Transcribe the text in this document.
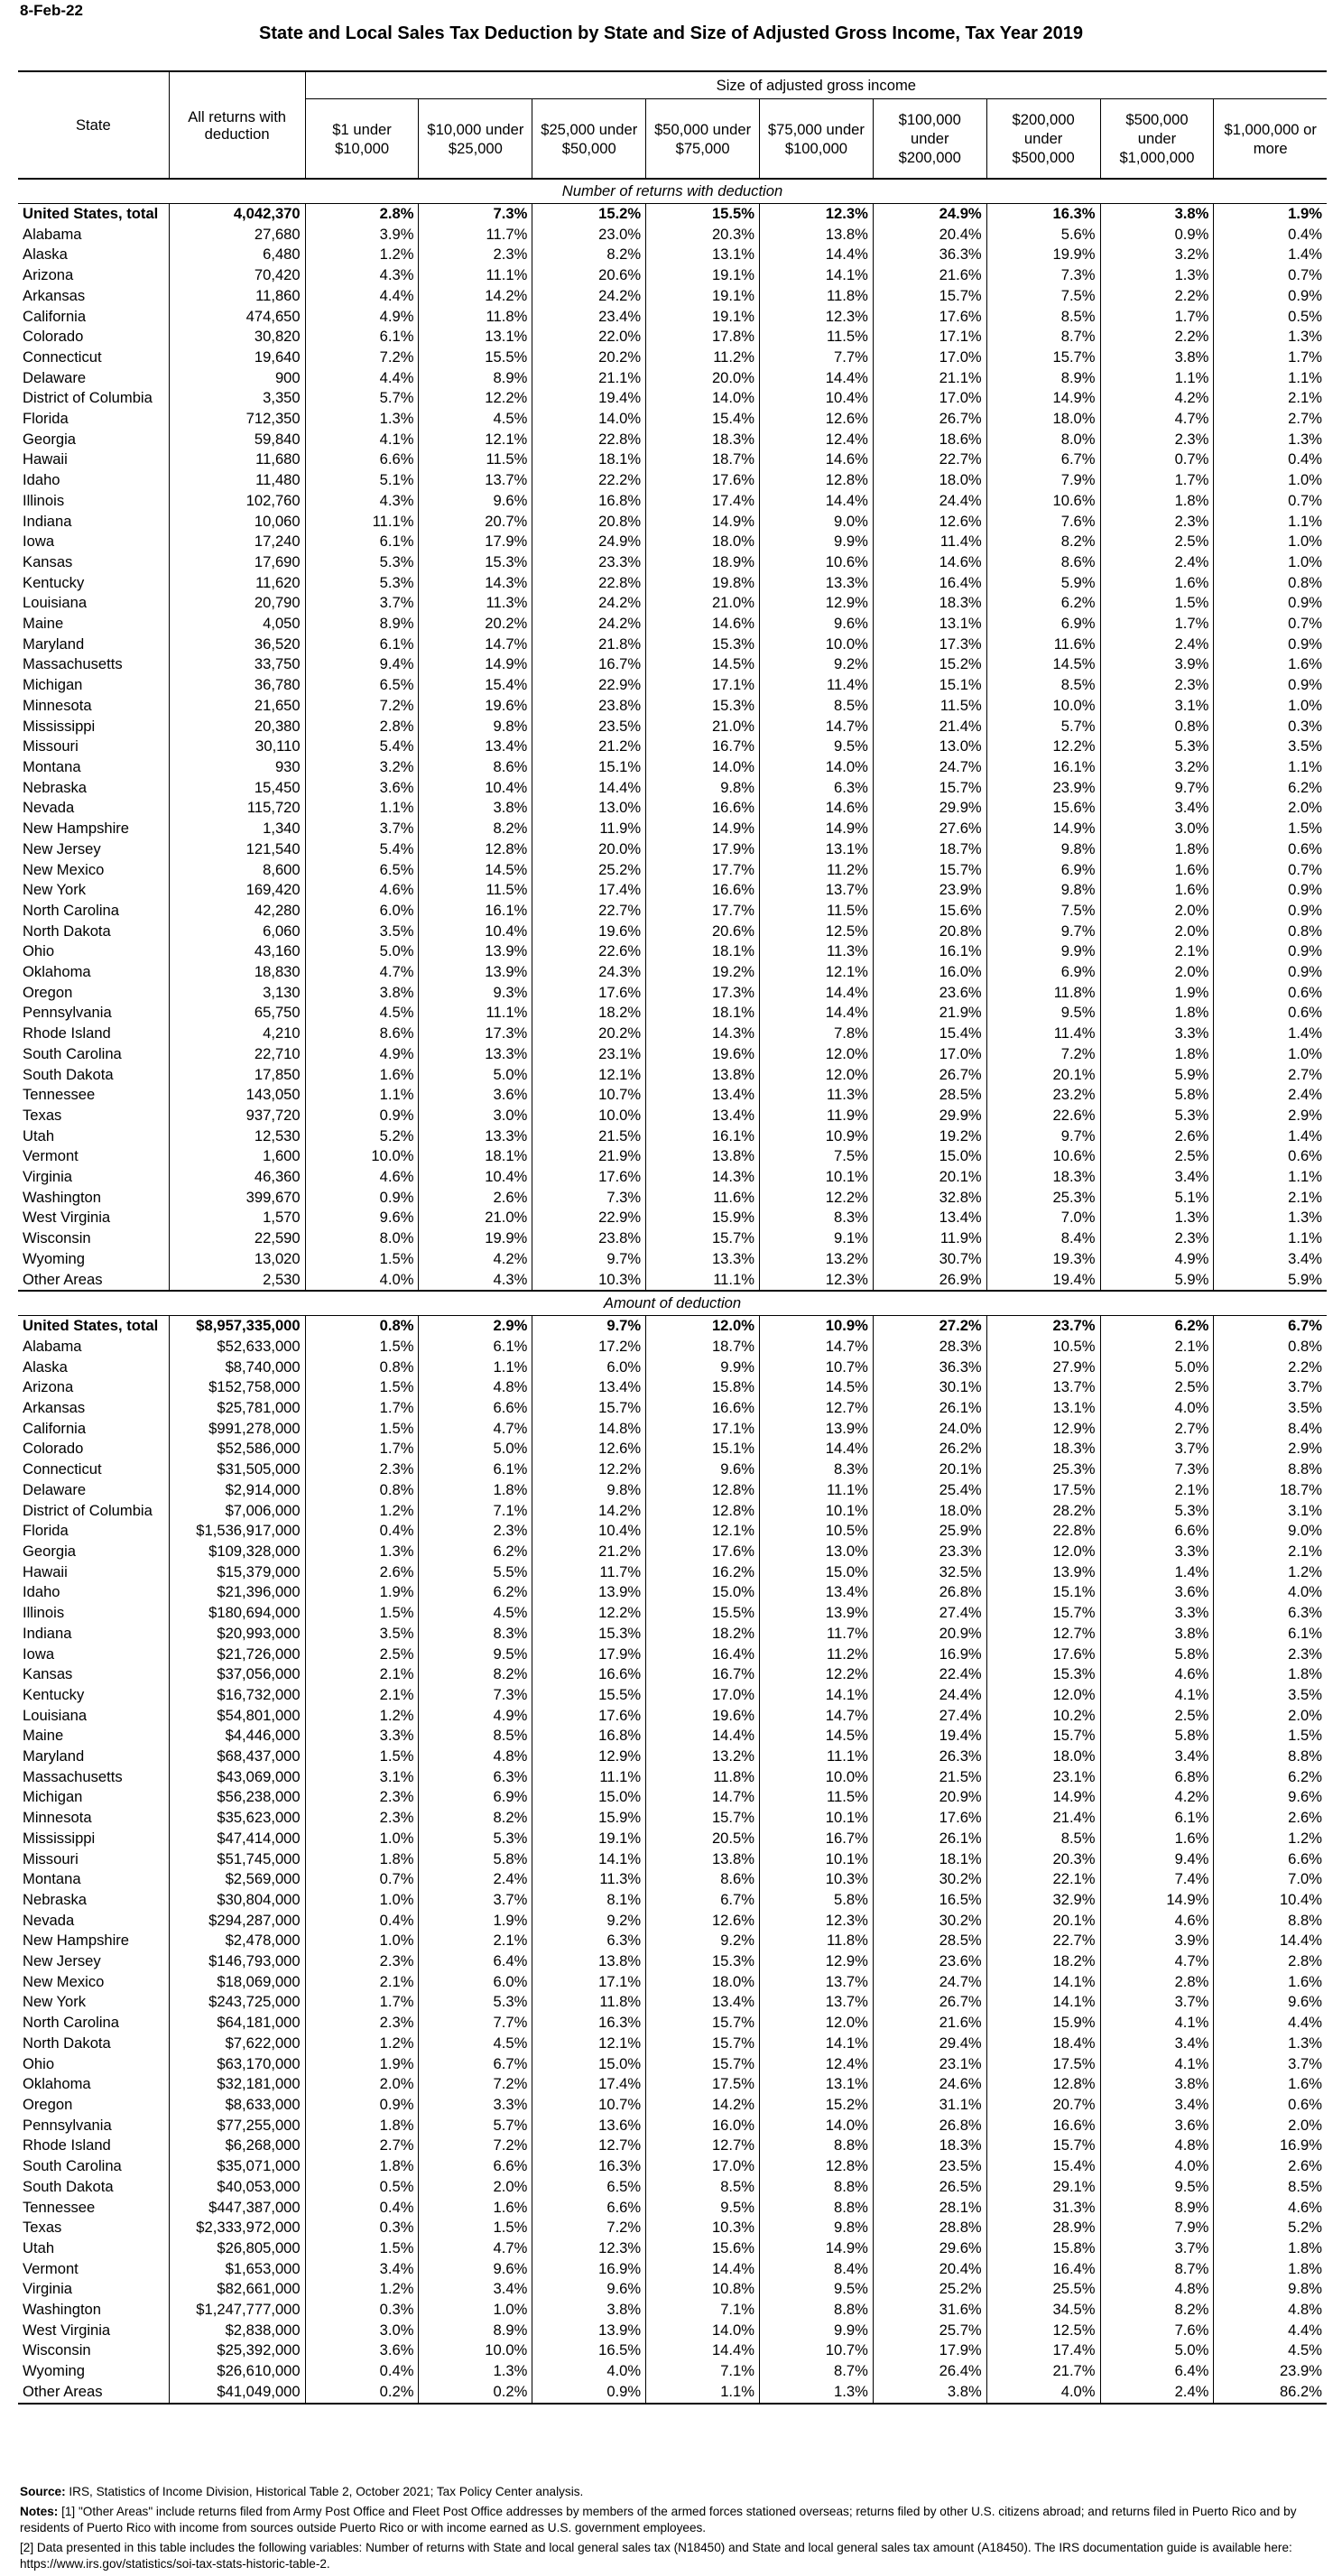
8-Feb-22
State and Local Sales Tax Deduction by State and Size of Adjusted Gross Income, Tax Year 2019
State	All returns with deduction	Size of adjusted gross income								
		$1 under $10,000	$10,000 under $25,000	$25,000 under $50,000	$50,000 under $75,000	$75,000 under $100,000	$100,000 under $200,000	$200,000 under $500,000	$500,000 under $1,000,000	$1,000,000 or more
Number of returns with deduction										
United States, total	4,042,370	2.8%	7.3%	15.2%	15.5%	12.3%	24.9%	16.3%	3.8%	1.9%
Alabama	27,680	3.9%	11.7%	23.0%	20.3%	13.8%	20.4%	5.6%	0.9%	0.4%
Alaska	6,480	1.2%	2.3%	8.2%	13.1%	14.4%	36.3%	19.9%	3.2%	1.4%
Arizona	70,420	4.3%	11.1%	20.6%	19.1%	14.1%	21.6%	7.3%	1.3%	0.7%
Arkansas	11,860	4.4%	14.2%	24.2%	19.1%	11.8%	15.7%	7.5%	2.2%	0.9%
California	474,650	4.9%	11.8%	23.4%	19.1%	12.3%	17.6%	8.5%	1.7%	0.5%
Colorado	30,820	6.1%	13.1%	22.0%	17.8%	11.5%	17.1%	8.7%	2.2%	1.3%
Connecticut	19,640	7.2%	15.5%	20.2%	11.2%	7.7%	17.0%	15.7%	3.8%	1.7%
Delaware	900	4.4%	8.9%	21.1%	20.0%	14.4%	21.1%	8.9%	1.1%	1.1%
District of Columbia	3,350	5.7%	12.2%	19.4%	14.0%	10.4%	17.0%	14.9%	4.2%	2.1%
Florida	712,350	1.3%	4.5%	14.0%	15.4%	12.6%	26.7%	18.0%	4.7%	2.7%
Georgia	59,840	4.1%	12.1%	22.8%	18.3%	12.4%	18.6%	8.0%	2.3%	1.3%
Hawaii	11,680	6.6%	11.5%	18.1%	18.7%	14.6%	22.7%	6.7%	0.7%	0.4%
Idaho	11,480	5.1%	13.7%	22.2%	17.6%	12.8%	18.0%	7.9%	1.7%	1.0%
Illinois	102,760	4.3%	9.6%	16.8%	17.4%	14.4%	24.4%	10.6%	1.8%	0.7%
Indiana	10,060	11.1%	20.7%	20.8%	14.9%	9.0%	12.6%	7.6%	2.3%	1.1%
Iowa	17,240	6.1%	17.9%	24.9%	18.0%	9.9%	11.4%	8.2%	2.5%	1.0%
Kansas	17,690	5.3%	15.3%	23.3%	18.9%	10.6%	14.6%	8.6%	2.4%	1.0%
Kentucky	11,620	5.3%	14.3%	22.8%	19.8%	13.3%	16.4%	5.9%	1.6%	0.8%
Louisiana	20,790	3.7%	11.3%	24.2%	21.0%	12.9%	18.3%	6.2%	1.5%	0.9%
Maine	4,050	8.9%	20.2%	24.2%	14.6%	9.6%	13.1%	6.9%	1.7%	0.7%
Maryland	36,520	6.1%	14.7%	21.8%	15.3%	10.0%	17.3%	11.6%	2.4%	0.9%
Massachusetts	33,750	9.4%	14.9%	16.7%	14.5%	9.2%	15.2%	14.5%	3.9%	1.6%
Michigan	36,780	6.5%	15.4%	22.9%	17.1%	11.4%	15.1%	8.5%	2.3%	0.9%
Minnesota	21,650	7.2%	19.6%	23.8%	15.3%	8.5%	11.5%	10.0%	3.1%	1.0%
Mississippi	20,380	2.8%	9.8%	23.5%	21.0%	14.7%	21.4%	5.7%	0.8%	0.3%
Missouri	30,110	5.4%	13.4%	21.2%	16.7%	9.5%	13.0%	12.2%	5.3%	3.5%
Montana	930	3.2%	8.6%	15.1%	14.0%	14.0%	24.7%	16.1%	3.2%	1.1%
Nebraska	15,450	3.6%	10.4%	14.4%	9.8%	6.3%	15.7%	23.9%	9.7%	6.2%
Nevada	115,720	1.1%	3.8%	13.0%	16.6%	14.6%	29.9%	15.6%	3.4%	2.0%
New Hampshire	1,340	3.7%	8.2%	11.9%	14.9%	14.9%	27.6%	14.9%	3.0%	1.5%
New Jersey	121,540	5.4%	12.8%	20.0%	17.9%	13.1%	18.7%	9.8%	1.8%	0.6%
New Mexico	8,600	6.5%	14.5%	25.2%	17.7%	11.2%	15.7%	6.9%	1.6%	0.7%
New York	169,420	4.6%	11.5%	17.4%	16.6%	13.7%	23.9%	9.8%	1.6%	0.9%
North Carolina	42,280	6.0%	16.1%	22.7%	17.7%	11.5%	15.6%	7.5%	2.0%	0.9%
North Dakota	6,060	3.5%	10.4%	19.6%	20.6%	12.5%	20.8%	9.7%	2.0%	0.8%
Ohio	43,160	5.0%	13.9%	22.6%	18.1%	11.3%	16.1%	9.9%	2.1%	0.9%
Oklahoma	18,830	4.7%	13.9%	24.3%	19.2%	12.1%	16.0%	6.9%	2.0%	0.9%
Oregon	3,130	3.8%	9.3%	17.6%	17.3%	14.4%	23.6%	11.8%	1.9%	0.6%
Pennsylvania	65,750	4.5%	11.1%	18.2%	18.1%	14.4%	21.9%	9.5%	1.8%	0.6%
Rhode Island	4,210	8.6%	17.3%	20.2%	14.3%	7.8%	15.4%	11.4%	3.3%	1.4%
South Carolina	22,710	4.9%	13.3%	23.1%	19.6%	12.0%	17.0%	7.2%	1.8%	1.0%
South Dakota	17,850	1.6%	5.0%	12.1%	13.8%	12.0%	26.7%	20.1%	5.9%	2.7%
Tennessee	143,050	1.1%	3.6%	10.7%	13.4%	11.3%	28.5%	23.2%	5.8%	2.4%
Texas	937,720	0.9%	3.0%	10.0%	13.4%	11.9%	29.9%	22.6%	5.3%	2.9%
Utah	12,530	5.2%	13.3%	21.5%	16.1%	10.9%	19.2%	9.7%	2.6%	1.4%
Vermont	1,600	10.0%	18.1%	21.9%	13.8%	7.5%	15.0%	10.6%	2.5%	0.6%
Virginia	46,360	4.6%	10.4%	17.6%	14.3%	10.1%	20.1%	18.3%	3.4%	1.1%
Washington	399,670	0.9%	2.6%	7.3%	11.6%	12.2%	32.8%	25.3%	5.1%	2.1%
West Virginia	1,570	9.6%	21.0%	22.9%	15.9%	8.3%	13.4%	7.0%	1.3%	1.3%
Wisconsin	22,590	8.0%	19.9%	23.8%	15.7%	9.1%	11.9%	8.4%	2.3%	1.1%
Wyoming	13,020	1.5%	4.2%	9.7%	13.3%	13.2%	30.7%	19.3%	4.9%	3.4%
Other Areas	2,530	4.0%	4.3%	10.3%	11.1%	12.3%	26.9%	19.4%	5.9%	5.9%
Amount of deduction										
United States, total	$8,957,335,000	0.8%	2.9%	9.7%	12.0%	10.9%	27.2%	23.7%	6.2%	6.7%
Alabama	$52,633,000	1.5%	6.1%	17.2%	18.7%	14.7%	28.3%	10.5%	2.1%	0.8%
Alaska	$8,740,000	0.8%	1.1%	6.0%	9.9%	10.7%	36.3%	27.9%	5.0%	2.2%
Arizona	$152,758,000	1.5%	4.8%	13.4%	15.8%	14.5%	30.1%	13.7%	2.5%	3.7%
Arkansas	$25,781,000	1.7%	6.6%	15.7%	16.6%	12.7%	26.1%	13.1%	4.0%	3.5%
California	$991,278,000	1.5%	4.7%	14.8%	17.1%	13.9%	24.0%	12.9%	2.7%	8.4%
Colorado	$52,586,000	1.7%	5.0%	12.6%	15.1%	14.4%	26.2%	18.3%	3.7%	2.9%
Connecticut	$31,505,000	2.3%	6.1%	12.2%	9.6%	8.3%	20.1%	25.3%	7.3%	8.8%
Delaware	$2,914,000	0.8%	1.8%	9.8%	12.8%	11.1%	25.4%	17.5%	2.1%	18.7%
District of Columbia	$7,006,000	1.2%	7.1%	14.2%	12.8%	10.1%	18.0%	28.2%	5.3%	3.1%
Florida	$1,536,917,000	0.4%	2.3%	10.4%	12.1%	10.5%	25.9%	22.8%	6.6%	9.0%
Georgia	$109,328,000	1.3%	6.2%	21.2%	17.6%	13.0%	23.3%	12.0%	3.3%	2.1%
Hawaii	$15,379,000	2.6%	5.5%	11.7%	16.2%	15.0%	32.5%	13.9%	1.4%	1.2%
Idaho	$21,396,000	1.9%	6.2%	13.9%	15.0%	13.4%	26.8%	15.1%	3.6%	4.0%
Illinois	$180,694,000	1.5%	4.5%	12.2%	15.5%	13.9%	27.4%	15.7%	3.3%	6.3%
Indiana	$20,993,000	3.5%	8.3%	15.3%	18.2%	11.7%	20.9%	12.7%	3.8%	6.1%
Iowa	$21,726,000	2.5%	9.5%	17.9%	16.4%	11.2%	16.9%	17.6%	5.8%	2.3%
Kansas	$37,056,000	2.1%	8.2%	16.6%	16.7%	12.2%	22.4%	15.3%	4.6%	1.8%
Kentucky	$16,732,000	2.1%	7.3%	15.5%	17.0%	14.1%	24.4%	12.0%	4.1%	3.5%
Louisiana	$54,801,000	1.2%	4.9%	17.6%	19.6%	14.7%	27.4%	10.2%	2.5%	2.0%
Maine	$4,446,000	3.3%	8.5%	16.8%	14.4%	14.5%	19.4%	15.7%	5.8%	1.5%
Maryland	$68,437,000	1.5%	4.8%	12.9%	13.2%	11.1%	26.3%	18.0%	3.4%	8.8%
Massachusetts	$43,069,000	3.1%	6.3%	11.1%	11.8%	10.0%	21.5%	23.1%	6.8%	6.2%
Michigan	$56,238,000	2.3%	6.9%	15.0%	14.7%	11.5%	20.9%	14.9%	4.2%	9.6%
Minnesota	$35,623,000	2.3%	8.2%	15.9%	15.7%	10.1%	17.6%	21.4%	6.1%	2.6%
Mississippi	$47,414,000	1.0%	5.3%	19.1%	20.5%	16.7%	26.1%	8.5%	1.6%	1.2%
Missouri	$51,745,000	1.8%	5.8%	14.1%	13.8%	10.1%	18.1%	20.3%	9.4%	6.6%
Montana	$2,569,000	0.7%	2.4%	11.3%	8.6%	10.3%	30.2%	22.1%	7.4%	7.0%
Nebraska	$30,804,000	1.0%	3.7%	8.1%	6.7%	5.8%	16.5%	32.9%	14.9%	10.4%
Nevada	$294,287,000	0.4%	1.9%	9.2%	12.6%	12.3%	30.2%	20.1%	4.6%	8.8%
New Hampshire	$2,478,000	1.0%	2.1%	6.3%	9.2%	11.8%	28.5%	22.7%	3.9%	14.4%
New Jersey	$146,793,000	2.3%	6.4%	13.8%	15.3%	12.9%	23.6%	18.2%	4.7%	2.8%
New Mexico	$18,069,000	2.1%	6.0%	17.1%	18.0%	13.7%	24.7%	14.1%	2.8%	1.6%
New York	$243,725,000	1.7%	5.3%	11.8%	13.4%	13.7%	26.7%	14.1%	3.7%	9.6%
North Carolina	$64,181,000	2.3%	7.7%	16.3%	15.7%	12.0%	21.6%	15.9%	4.1%	4.4%
North Dakota	$7,622,000	1.2%	4.5%	12.1%	15.7%	14.1%	29.4%	18.4%	3.4%	1.3%
Ohio	$63,170,000	1.9%	6.7%	15.0%	15.7%	12.4%	23.1%	17.5%	4.1%	3.7%
Oklahoma	$32,181,000	2.0%	7.2%	17.4%	17.5%	13.1%	24.6%	12.8%	3.8%	1.6%
Oregon	$8,633,000	0.9%	3.3%	10.7%	14.2%	15.2%	31.1%	20.7%	3.4%	0.6%
Pennsylvania	$77,255,000	1.8%	5.7%	13.6%	16.0%	14.0%	26.8%	16.6%	3.6%	2.0%
Rhode Island	$6,268,000	2.7%	7.2%	12.7%	12.7%	8.8%	18.3%	15.7%	4.8%	16.9%
South Carolina	$35,071,000	1.8%	6.6%	16.3%	17.0%	12.8%	23.5%	15.4%	4.0%	2.6%
South Dakota	$40,053,000	0.5%	2.0%	6.5%	8.5%	8.8%	26.5%	29.1%	9.5%	8.5%
Tennessee	$447,387,000	0.4%	1.6%	6.6%	9.5%	8.8%	28.1%	31.3%	8.9%	4.6%
Texas	$2,333,972,000	0.3%	1.5%	7.2%	10.3%	9.8%	28.8%	28.9%	7.9%	5.2%
Utah	$26,805,000	1.5%	4.7%	12.3%	15.6%	14.9%	29.6%	15.8%	3.7%	1.8%
Vermont	$1,653,000	3.4%	9.6%	16.9%	14.4%	8.4%	20.4%	16.4%	8.7%	1.8%
Virginia	$82,661,000	1.2%	3.4%	9.6%	10.8%	9.5%	25.2%	25.5%	4.8%	9.8%
Washington	$1,247,777,000	0.3%	1.0%	3.8%	7.1%	8.8%	31.6%	34.5%	8.2%	4.8%
West Virginia	$2,838,000	3.0%	8.9%	13.9%	14.0%	9.9%	25.7%	12.5%	7.6%	4.4%
Wisconsin	$25,392,000	3.6%	10.0%	16.5%	14.4%	10.7%	17.9%	17.4%	5.0%	4.5%
Wyoming	$26,610,000	0.4%	1.3%	4.0%	7.1%	8.7%	26.4%	21.7%	6.4%	23.9%
Other Areas	$41,049,000	0.2%	0.2%	0.9%	1.1%	1.3%	3.8%	4.0%	2.4%	86.2%

Source: IRS, Statistics of Income Division, Historical Table 2, October 2021; Tax Policy Center analysis.

Notes: [1] "Other Areas" include returns filed from Army Post Office and Fleet Post Office addresses by members of the armed forces stationed overseas; returns filed by other U.S. citizens abroad; and returns filed in Puerto Rico and by residents of Puerto Rico with income from sources outside Puerto Rico or with income earned as U.S. government employees.

[2] Data presented in this table includes the following variables: Number of returns with State and local general sales tax (N18450) and State and local general sales tax amount (A18450). The IRS documentation guide is available here: https://www.irs.gov/statistics/soi-tax-stats-historic-table-2.
